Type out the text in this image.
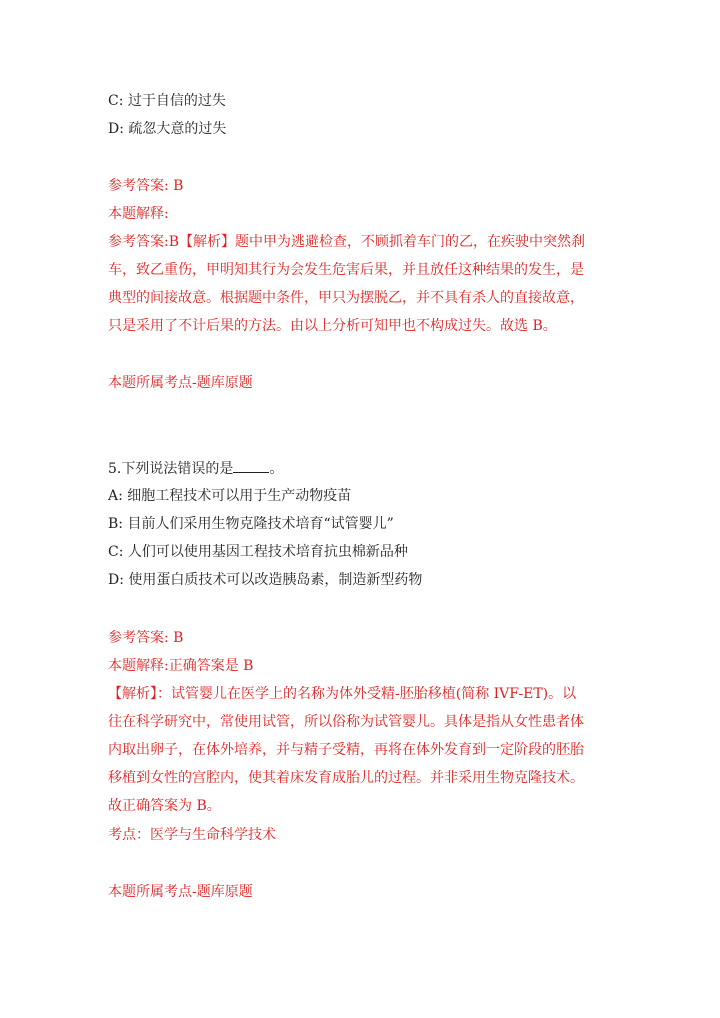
C: 过于自信的过失
D: 疏忽大意的过失
参考答案: B
本题解释:
参考答案:B【解析】题中甲为逃避检查，不顾抓着车门的乙，在疾驶中突然刹
车，致乙重伤，甲明知其行为会发生危害后果，并且放任这种结果的发生，是
典型的间接故意。根据题中条件，甲只为摆脱乙，并不具有杀人的直接故意，
只是采用了不计后果的方法。由以上分析可知甲也不构成过失。故选 B。
本题所属考点-题库原题
5.下列说法错误的是	。
A: 细胞工程技术可以用于生产动物疫苗
B: 目前人们采用生物克隆技术培育“试管婴儿”
C: 人们可以使用基因工程技术培育抗虫棉新品种
D: 使用蛋白质技术可以改造胰岛素，制造新型药物
参考答案: B
本题解释:正确答案是 B
【解析】：试管婴儿在医学上的名称为体外受精-胚胎移植(简称 IVF-ET)。以
往在科学研究中，常使用试管，所以俗称为试管婴儿。具体是指从女性患者体
内取出卵子，在体外培养，并与精子受精，再将在体外发育到一定阶段的胚胎
移植到女性的宫腔内，使其着床发育成胎儿的过程。并非采用生物克隆技术。
故正确答案为 B。
考点：医学与生命科学技术
本题所属考点-题库原题
